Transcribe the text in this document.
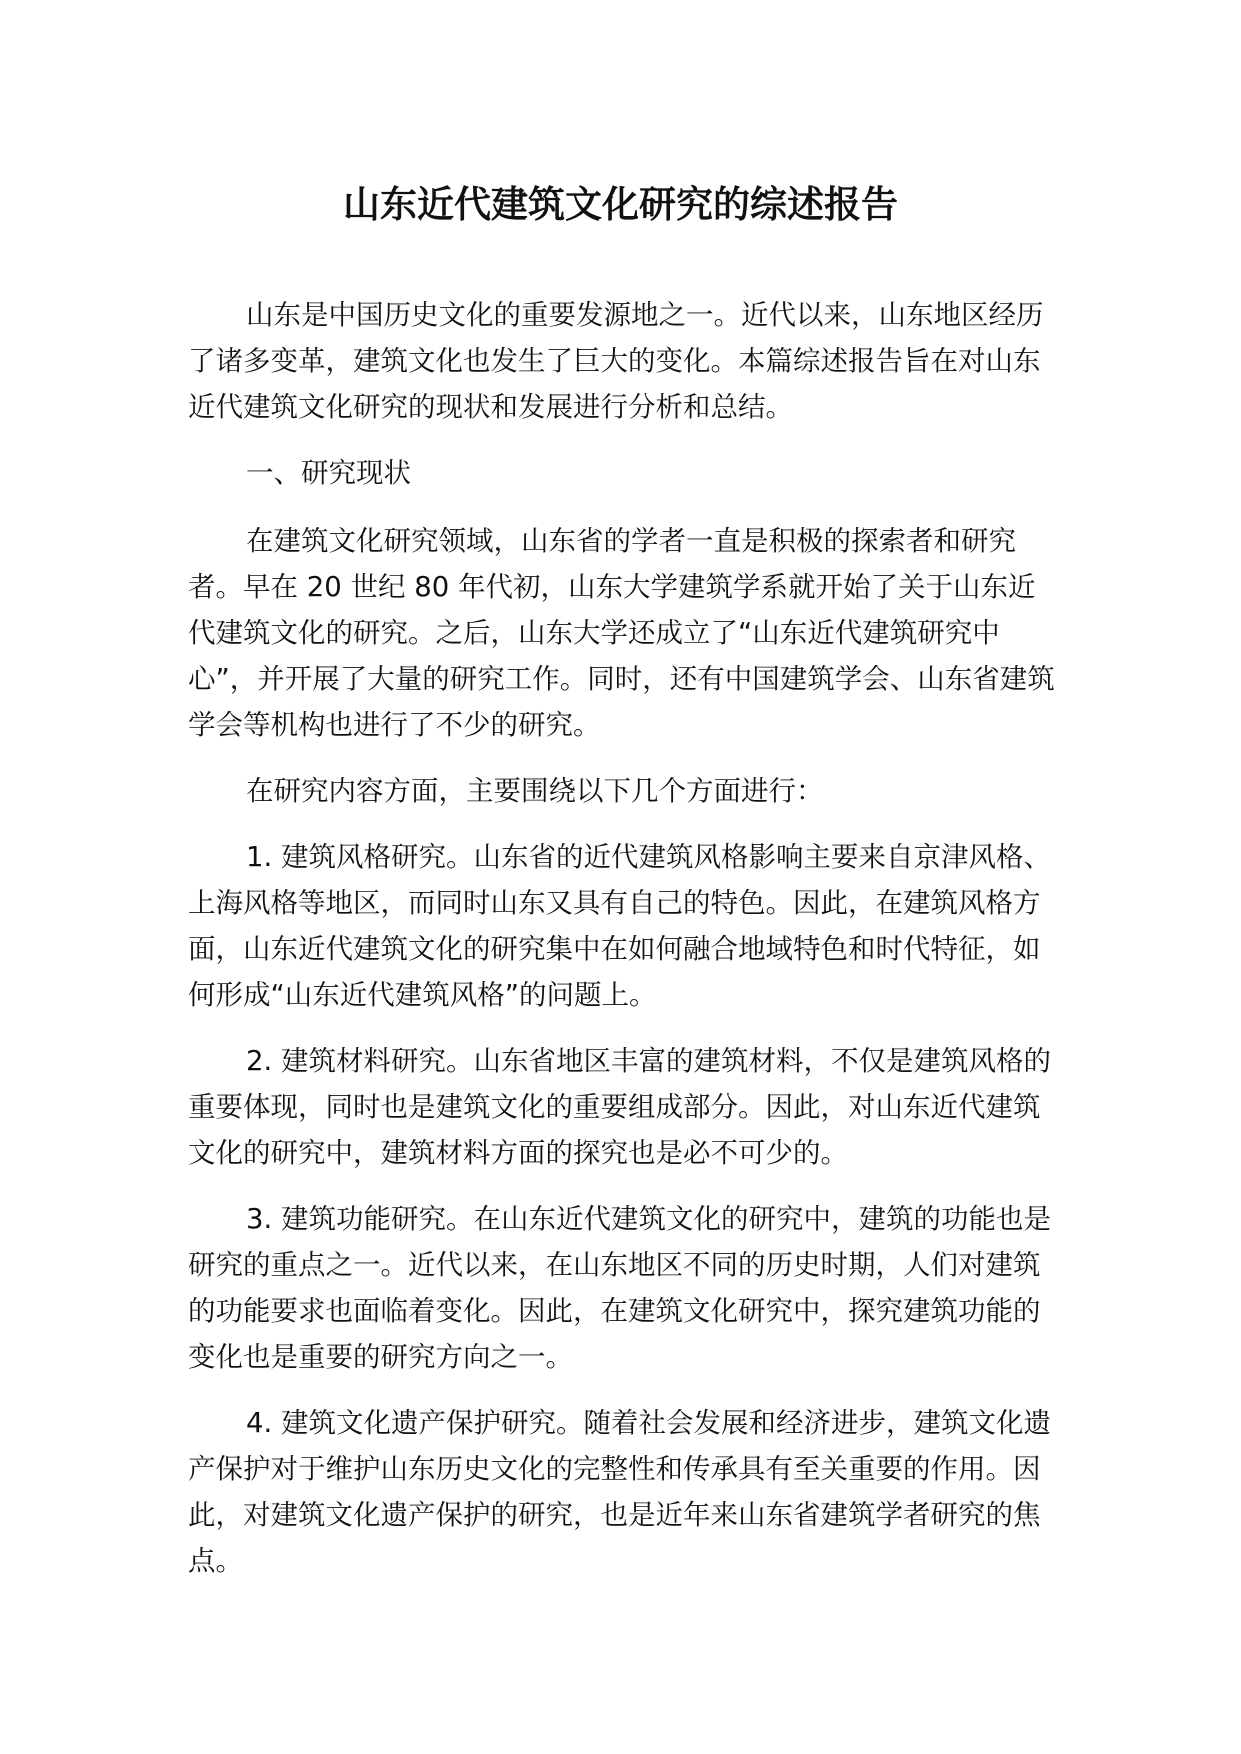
山东近代建筑文化研究的综述报告

山东是中国历史文化的重要发源地之一。近代以来，山东地区经历了诸多变革，建筑文化也发生了巨大的变化。本篇综述报告旨在对山东近代建筑文化研究的现状和发展进行分析和总结。

一、研究现状

在建筑文化研究领域，山东省的学者一直是积极的探索者和研究者。早在 20 世纪 80 年代初，山东大学建筑学系就开始了关于山东近代建筑文化的研究。之后，山东大学还成立了“山东近代建筑研究中心”，并开展了大量的研究工作。同时，还有中国建筑学会、山东省建筑学会等机构也进行了不少的研究。

在研究内容方面，主要围绕以下几个方面进行：

1. 建筑风格研究。山东省的近代建筑风格影响主要来自京津风格、上海风格等地区，而同时山东又具有自己的特色。因此，在建筑风格方面，山东近代建筑文化的研究集中在如何融合地域特色和时代特征，如何形成“山东近代建筑风格”的问题上。

2. 建筑材料研究。山东省地区丰富的建筑材料，不仅是建筑风格的重要体现，同时也是建筑文化的重要组成部分。因此，对山东近代建筑文化的研究中，建筑材料方面的探究也是必不可少的。

3. 建筑功能研究。在山东近代建筑文化的研究中，建筑的功能也是研究的重点之一。近代以来，在山东地区不同的历史时期，人们对建筑的功能要求也面临着变化。因此，在建筑文化研究中，探究建筑功能的变化也是重要的研究方向之一。

4. 建筑文化遗产保护研究。随着社会发展和经济进步，建筑文化遗产保护对于维护山东历史文化的完整性和传承具有至关重要的作用。因此，对建筑文化遗产保护的研究，也是近年来山东省建筑学者研究的焦点。
